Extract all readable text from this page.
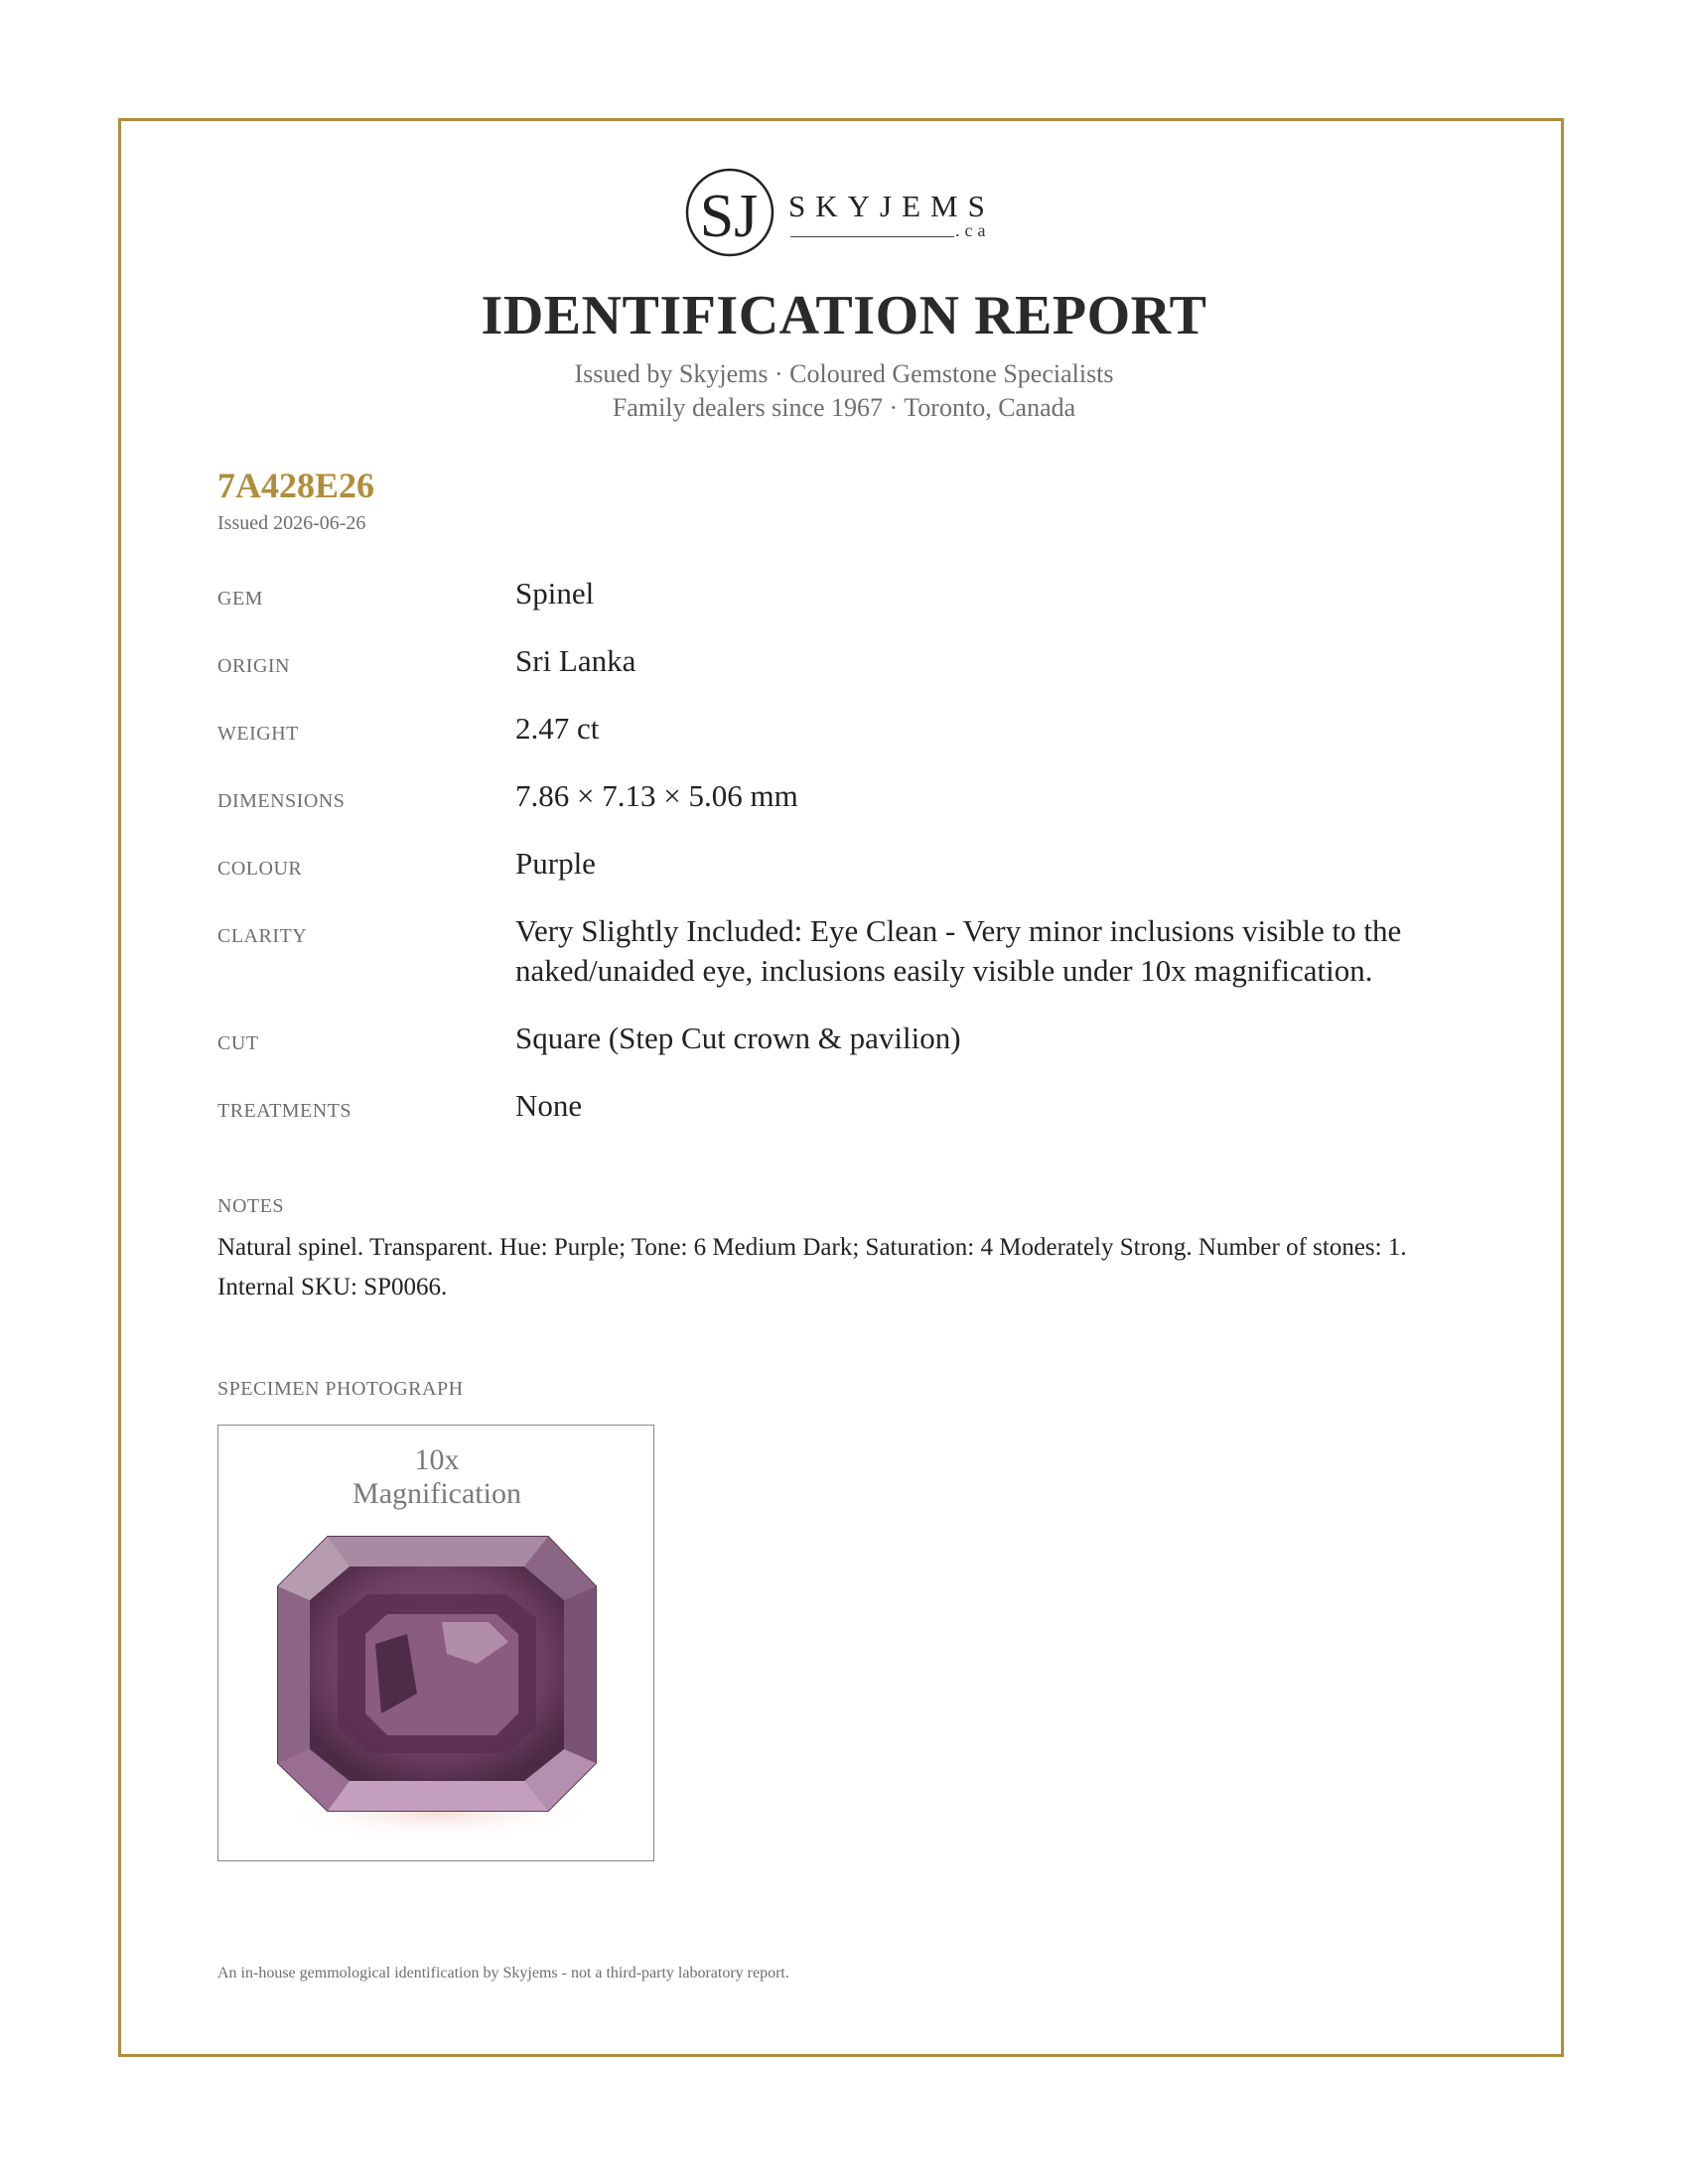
SJ SKYJEMS
.ca
IDENTIFICATION REPORT
Issued by Skyjems · Coloured Gemstone Specialists
Family dealers since 1967 · Toronto, Canada
7A428E26
Issued 2026-06-26
GEM	Spinel
ORIGIN	Sri Lanka
WEIGHT	2.47 ct
DIMENSIONS	7.86 × 7.13 × 5.06 mm
COLOUR	Purple
CLARITY	Very Slightly Included: Eye Clean - Very minor inclusions visible to the naked/unaided eye, inclusions easily visible under 10x magnification.
CUT	Square (Step Cut crown & pavilion)
TREATMENTS	None
NOTES
Natural spinel. Transparent. Hue: Purple; Tone: 6 Medium Dark; Saturation: 4 Moderately Strong. Number of stones: 1. Internal SKU: SP0066.
SPECIMEN PHOTOGRAPH
10x
Magnification
An in-house gemmological identification by Skyjems - not a third-party laboratory report.
